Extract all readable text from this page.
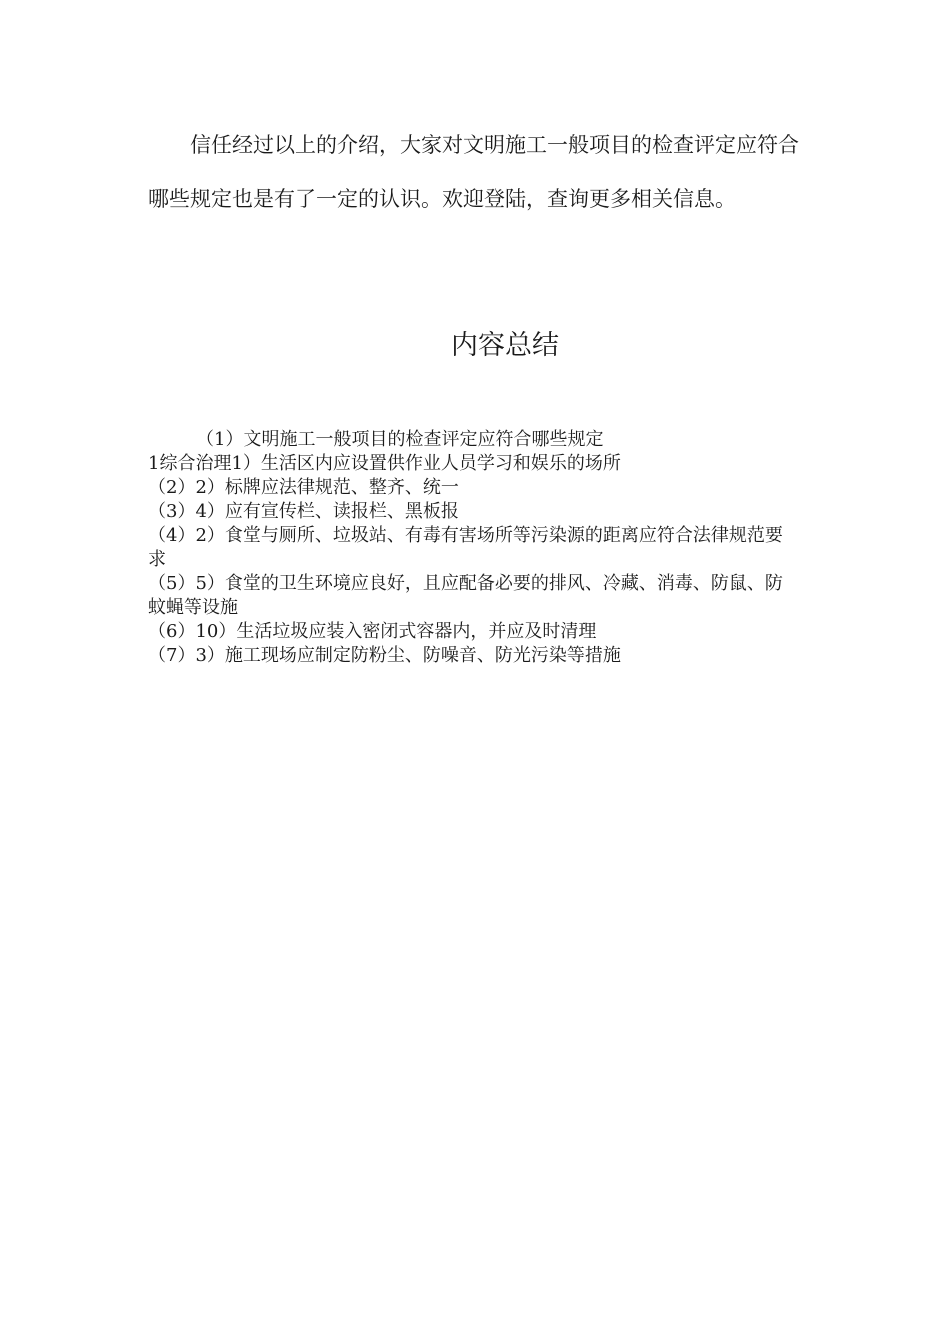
信任经过以上的介绍，大家对文明施工一般项目的检查评定应符合哪些规定也是有了一定的认识。欢迎登陆，查询更多相关信息。

内容总结

（1）文明施工一般项目的检查评定应符合哪些规定

1综合治理1）生活区内应设置供作业人员学习和娱乐的场所

（2）2）标牌应法律规范、整齐、统一

（3）4）应有宣传栏、读报栏、黑板报

（4）2）食堂与厕所、垃圾站、有毒有害场所等污染源的距离应符合法律规范要求

（5）5）食堂的卫生环境应良好，且应配备必要的排风、冷藏、消毒、防鼠、防蚊蝇等设施

（6）10）生活垃圾应装入密闭式容器内，并应及时清理

（7）3）施工现场应制定防粉尘、防噪音、防光污染等措施
